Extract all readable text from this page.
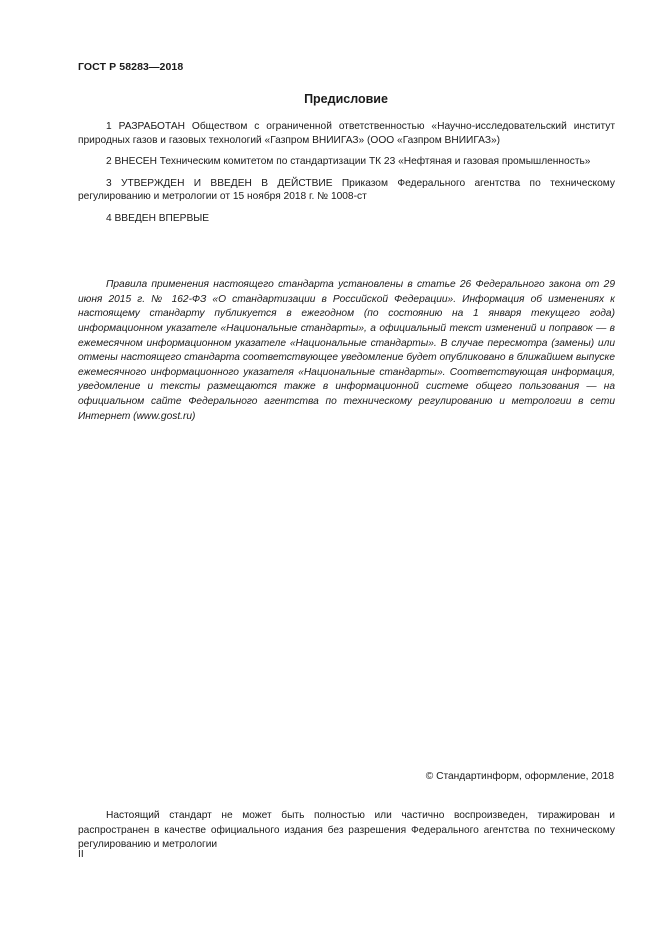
ГОСТ Р 58283—2018
Предисловие

1 РАЗРАБОТАН Обществом с ограниченной ответственностью «Научно-исследовательский институт природных газов и газовых технологий «Газпром ВНИИГАЗ» (ООО «Газпром ВНИИГАЗ»)

2 ВНЕСЕН Техническим комитетом по стандартизации ТК 23 «Нефтяная и газовая промышленность»

3 УТВЕРЖДЕН И ВВЕДЕН В ДЕЙСТВИЕ Приказом Федерального агентства по техническому регулированию и метрологии от 15 ноября 2018 г. № 1008-ст

4 ВВЕДЕН ВПЕРВЫЕ

Правила применения настоящего стандарта установлены в статье 26 Федерального закона от 29 июня 2015 г. № 162-ФЗ «О стандартизации в Российской Федерации». Информация об изменениях к настоящему стандарту публикуется в ежегодном (по состоянию на 1 января текущего года) информационном указателе «Национальные стандарты», а официальный текст изменений и поправок — в ежемесячном информационном указателе «Национальные стандарты». В случае пересмотра (замены) или отмены настоящего стандарта соответствующее уведомление будет опубликовано в ближайшем выпуске ежемесячного информационного указателя «Национальные стандарты». Соответствующая информация, уведомление и тексты размещаются также в информационной системе общего пользования — на официальном сайте Федерального агентства по техническому регулированию и метрологии в сети Интернет (www.gost.ru)

© Стандартинформ, оформление, 2018

Настоящий стандарт не может быть полностью или частично воспроизведен, тиражирован и распространен в качестве официального издания без разрешения Федерального агентства по техническому регулированию и метрологии

II
